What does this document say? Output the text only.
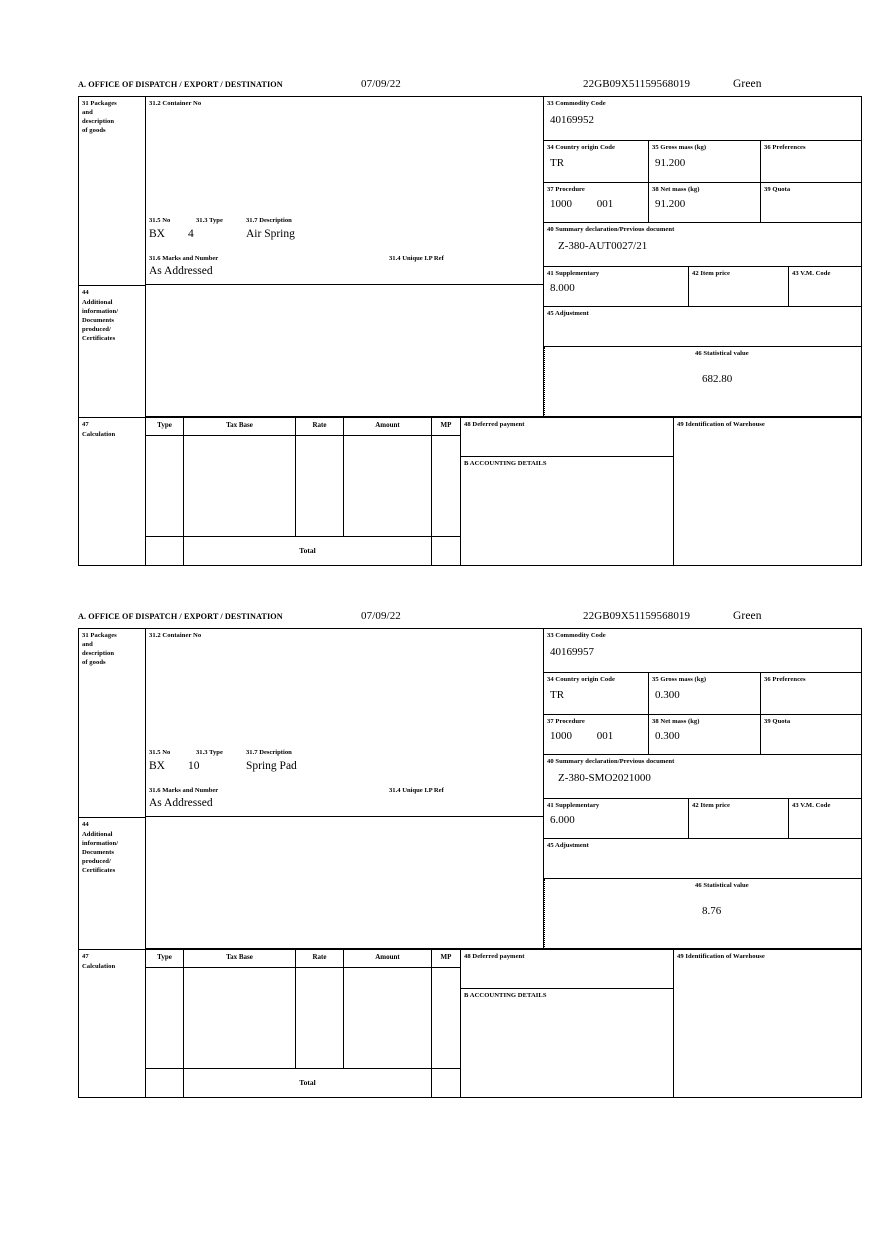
A. OFFICE OF DISPATCH / EXPORT / DESTINATION	07/09/22	22GB09X51159568019	Green
31 Packages
and
description
of goods
31.2 Container No
31.5 No	31.3 Type	31.7 Description
BX 4	Air Spring
31.6 Marks and Number	31.4 Unique I.P Ref
As Addressed
33 Commodity Code
40169952
34 Country origin Code
TR
35 Gross mass (kg)
91.200
36 Preferences
37 Procedure
1000 001
38 Net mass (kg)
91.200
39 Quota
40 Summary declaration/Previous document
Z-380-AUT0027/21
41 Supplementary
8.000
42 Item price	43 V.M. Code
45 Adjustment
46 Statistical value
682.80
44
Additional
information/
Documents
produced/
Certificates
47
Calculation
Type	Tax Base	Rate	Amount	MP
Total
48 Deferred payment	49 Identification of Warehouse
B ACCOUNTING DETAILS
A. OFFICE OF DISPATCH / EXPORT / DESTINATION	07/09/22	22GB09X51159568019	Green
31 Packages
and
description
of goods
31.2 Container No
31.5 No	31.3 Type	31.7 Description
BX 10	Spring Pad
31.6 Marks and Number	31.4 Unique I.P Ref
As Addressed
33 Commodity Code
40169957
34 Country origin Code
TR
35 Gross mass (kg)
0.300
36 Preferences
37 Procedure
1000 001
38 Net mass (kg)
0.300
39 Quota
40 Summary declaration/Previous document
Z-380-SMO2021000
41 Supplementary
6.000
42 Item price	43 V.M. Code
45 Adjustment
46 Statistical value
8.76
44
Additional
information/
Documents
produced/
Certificates
47
Calculation
Type	Tax Base	Rate	Amount	MP
Total
48 Deferred payment	49 Identification of Warehouse
B ACCOUNTING DETAILS
